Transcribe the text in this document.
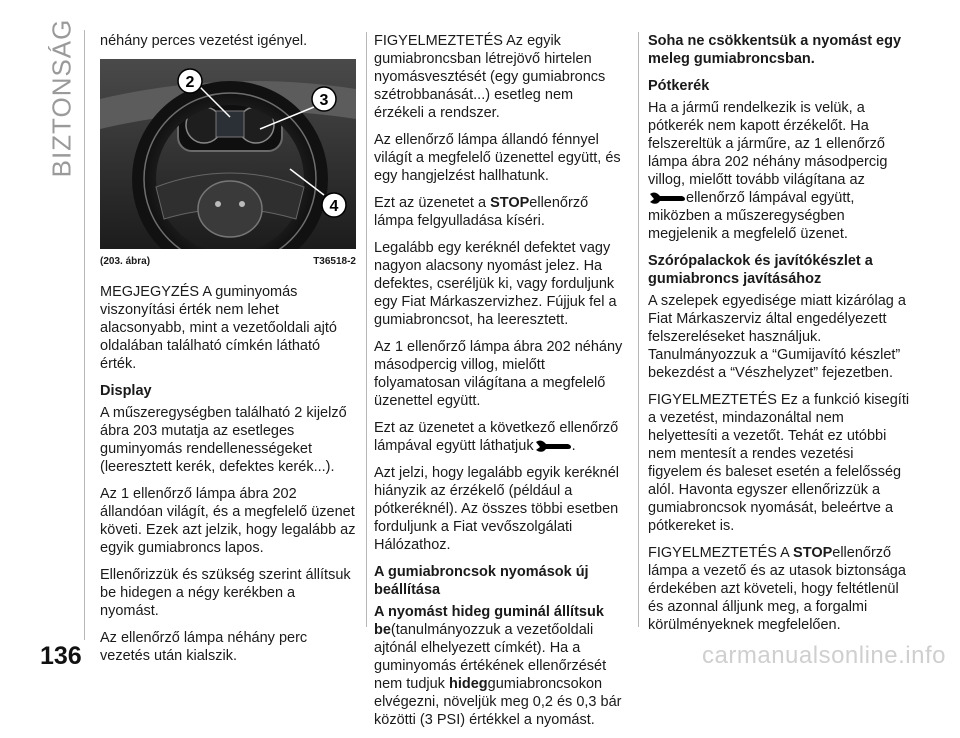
BIZTONSÁG néhány perces vezetést igényel.

2
3
4
(203. ábra)	T36518-2

MEGJEGYZÉS A guminyomás viszonyítási érték nem lehet alacsonyabb, mint a vezetőoldali ajtó oldalában található címkén látható érték.

Display

A műszeregységben található 2 kijelző ábra 203 mutatja az esetleges guminyomás rendellenességeket (leeresztett kerék, defektes kerék...).

Az 1 ellenőrző lámpa ábra 202 állandóan világít, és a megfelelő üzenet követi. Ezek azt jelzik, hogy legalább az egyik gumiabroncs lapos.

Ellenőrizzük és szükség szerint állítsuk be hidegen a négy kerékben a nyomást.

Az ellenőrző lámpa néhány perc vezetés után kialszik.

FIGYELMEZTETÉS Az egyik gumiabroncsban létrejövő hirtelen nyomásvesztését (egy gumiabroncs szétrobbanását...) esetleg nem érzékeli a rendszer.

Az ellenőrző lámpa állandó fénnyel világít a megfelelő üzenettel együtt, és egy hangjelzést hallhatunk.

Ezt az üzenetet a STOPellenőrző lámpa felgyulladása kíséri.

Legalább egy keréknél defektet vagy nagyon alacsony nyomást jelez. Ha defektes, cseréljük ki, vagy forduljunk egy Fiat Márkaszervizhez. Fújjuk fel a gumiabroncsot, ha leeresztett.

Az 1 ellenőrző lámpa ábra 202 néhány másodpercig villog, mielőtt folyamatosan világítana a megfelelő üzenettel együtt.

Ezt az üzenetet a következő ellenőrző lámpával együtt láthatjuk	.

Azt jelzi, hogy legalább egyik keréknél hiányzik az érzékelő (például a pótkeréknél). Az összes többi esetben forduljunk a Fiat vevőszolgálati Hálózathoz.

A gumiabroncsok nyomások új beállítása

A nyomást hideg guminál állítsuk be(tanulmányozzuk a vezetőoldali ajtónál elhelyezett címkét). Ha a guminyomás értékének ellenőrzését nem tudjuk hideggumiabroncsokon elvégezni, növeljük meg 0,2 és 0,3 bár közötti (3 PSI) értékkel a nyomást.

Soha ne csökkentsük a nyomást egy meleg gumiabroncsban.
Pótkerék

Ha a jármű rendelkezik is velük, a pótkerék nem kapott érzékelőt. Ha felszereltük a járműre, az 1 ellenőrző lámpa ábra 202 néhány másodpercig villog, mielőtt tovább világítana az
ellenőrző lámpával együtt, miközben a műszeregységben megjelenik a megfelelő üzenet.

Szórópalackok és javítókészlet a gumiabroncs javításához

A szelepek egyedisége miatt kizárólag a Fiat Márkaszerviz által engedélyezett felszereléseket használjuk. Tanulmányozzuk a “Gumijavító készlet” bekezdést a “Vészhelyzet” fejezetben.

FIGYELMEZTETÉS Ez a funkció kisegíti a vezetést, mindazonáltal nem helyettesíti a vezetőt. Tehát ez utóbbi nem mentesít a rendes vezetési figyelem és baleset esetén a felelősség alól. Havonta egyszer ellenőrizzük a gumiabroncsok nyomását, beleértve a pótkereket is.

FIGYELMEZTETÉS A STOPellenőrző lámpa a vezető és az utasok biztonsága érdekében azt követeli, hogy feltétlenül és azonnal álljunk meg, a forgalmi körülményeknek megfelelően.

136	carmanualsonline.info
